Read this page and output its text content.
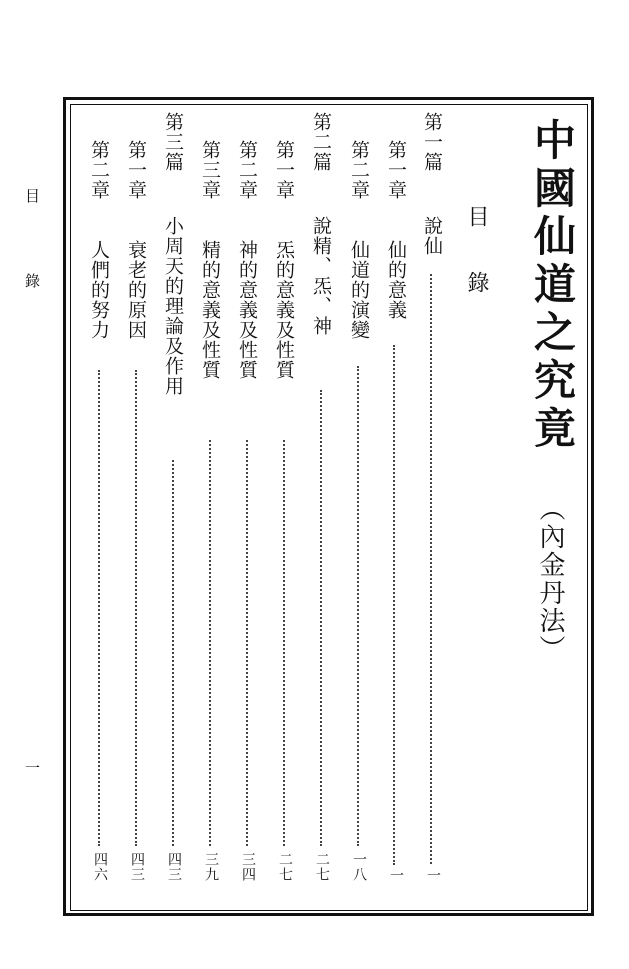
目錄
一
中國仙道之究竟
（內金丹法）
目錄
第一篇
說仙
一
第一章
仙的意義
一
第二章
仙道的演變
一八
第二篇
說精、炁、神
二七
第一章
炁的意義及性質
二七
第二章
神的意義及性質
三四
第三章
精的意義及性質
三九
第三篇
小周天的理論及作用
四三
第一章
衰老的原因
四三
第二章
人們的努力
四六
